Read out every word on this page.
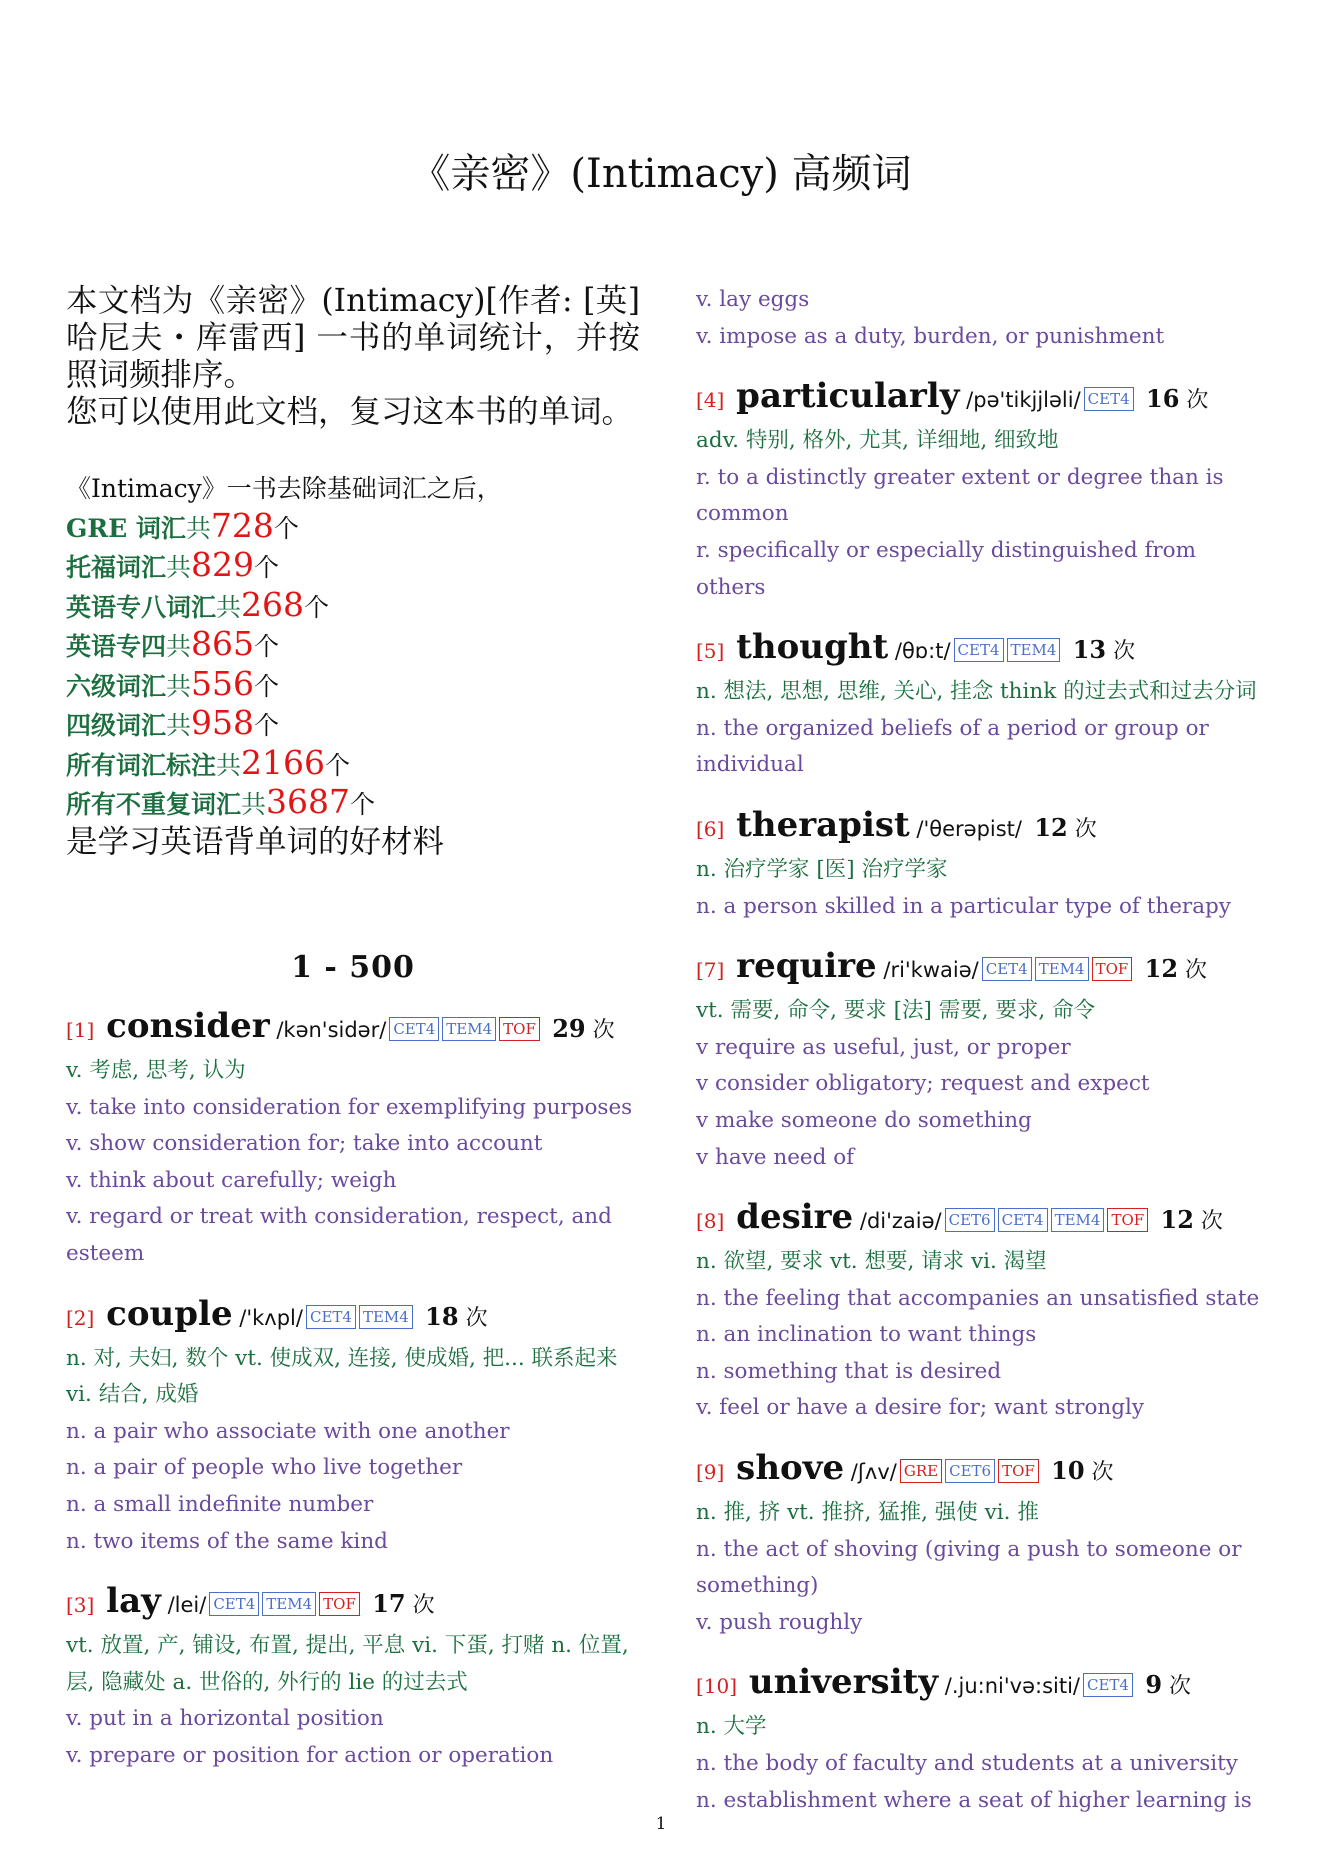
《亲密》(Intimacy) 高频词

本文档为《亲密》(Intimacy)[作者: [英] 哈尼夫・库雷西] 一书的单词统计，并按照词频排序。

您可以使用此文档，复习这本书的单词。

《Intimacy》一书去除基础词汇之后，
GRE 词汇共728个
托福词汇共829个
英语专八词汇共268个
英语专四共865个
六级词汇共556个
四级词汇共958个
所有词汇标注共2166个
所有不重复词汇共3687个
是学习英语背单词的好材料
1 - 500
[1] consider /kən'sidər/ CET4 TEM4 TOF 29 次
v. 考虑, 思考, 认为
v. take into consideration for exemplifying purposes
v. show consideration for; take into account
v. think about carefully; weigh
v. regard or treat with consideration, respect, and esteem
[2] couple /'kʌpl/ CET4 TEM4 18 次
n. 对, 夫妇, 数个 vt. 使成双, 连接, 使成婚, 把... 联系起来 vi. 结合, 成婚
n. a pair who associate with one another
n. a pair of people who live together
n. a small indefinite number
n. two items of the same kind
[3] lay /lei/ CET4 TEM4 TOF 17 次
vt. 放置, 产, 铺设, 布置, 提出, 平息 vi. 下蛋, 打赌 n. 位置, 层, 隐藏处 a. 世俗的, 外行的 lie 的过去式
v. put in a horizontal position
v. prepare or position for action or operation
v. lay eggs
v. impose as a duty, burden, or punishment
[4] particularly /pə'tikjjləli/ CET4 16 次
adv. 特别, 格外, 尤其, 详细地, 细致地
r. to a distinctly greater extent or degree than is common
r. specifically or especially distinguished from others
[5] thought /θɒ:t/ CET4 TEM4 13 次
n. 想法, 思想, 思维, 关心, 挂念 think 的过去式和过去分词
n. the organized beliefs of a period or group or individual
[6] therapist /'θerəpist/ 12 次
n. 治疗学家 [医] 治疗学家
n. a person skilled in a particular type of therapy
[7] require /ri'kwaiə/ CET4 TEM4 TOF 12 次
vt. 需要, 命令, 要求 [法] 需要, 要求, 命令
v require as useful, just, or proper
v consider obligatory; request and expect
v make someone do something
v have need of
[8] desire /di'zaiə/ CET6 CET4 TEM4 TOF 12 次
n. 欲望, 要求 vt. 想要, 请求 vi. 渴望
n. the feeling that accompanies an unsatisfied state
n. an inclination to want things
n. something that is desired
v. feel or have a desire for; want strongly
[9] shove /ʃʌv/ GRE CET6 TOF 10 次
n. 推, 挤 vt. 推挤, 猛推, 强使 vi. 推
n. the act of shoving (giving a push to someone or something)
v. push roughly
[10] university /.ju:ni'və:siti/ CET4 9 次
n. 大学
n. the body of faculty and students at a university
n. establishment where a seat of higher learning is
1
